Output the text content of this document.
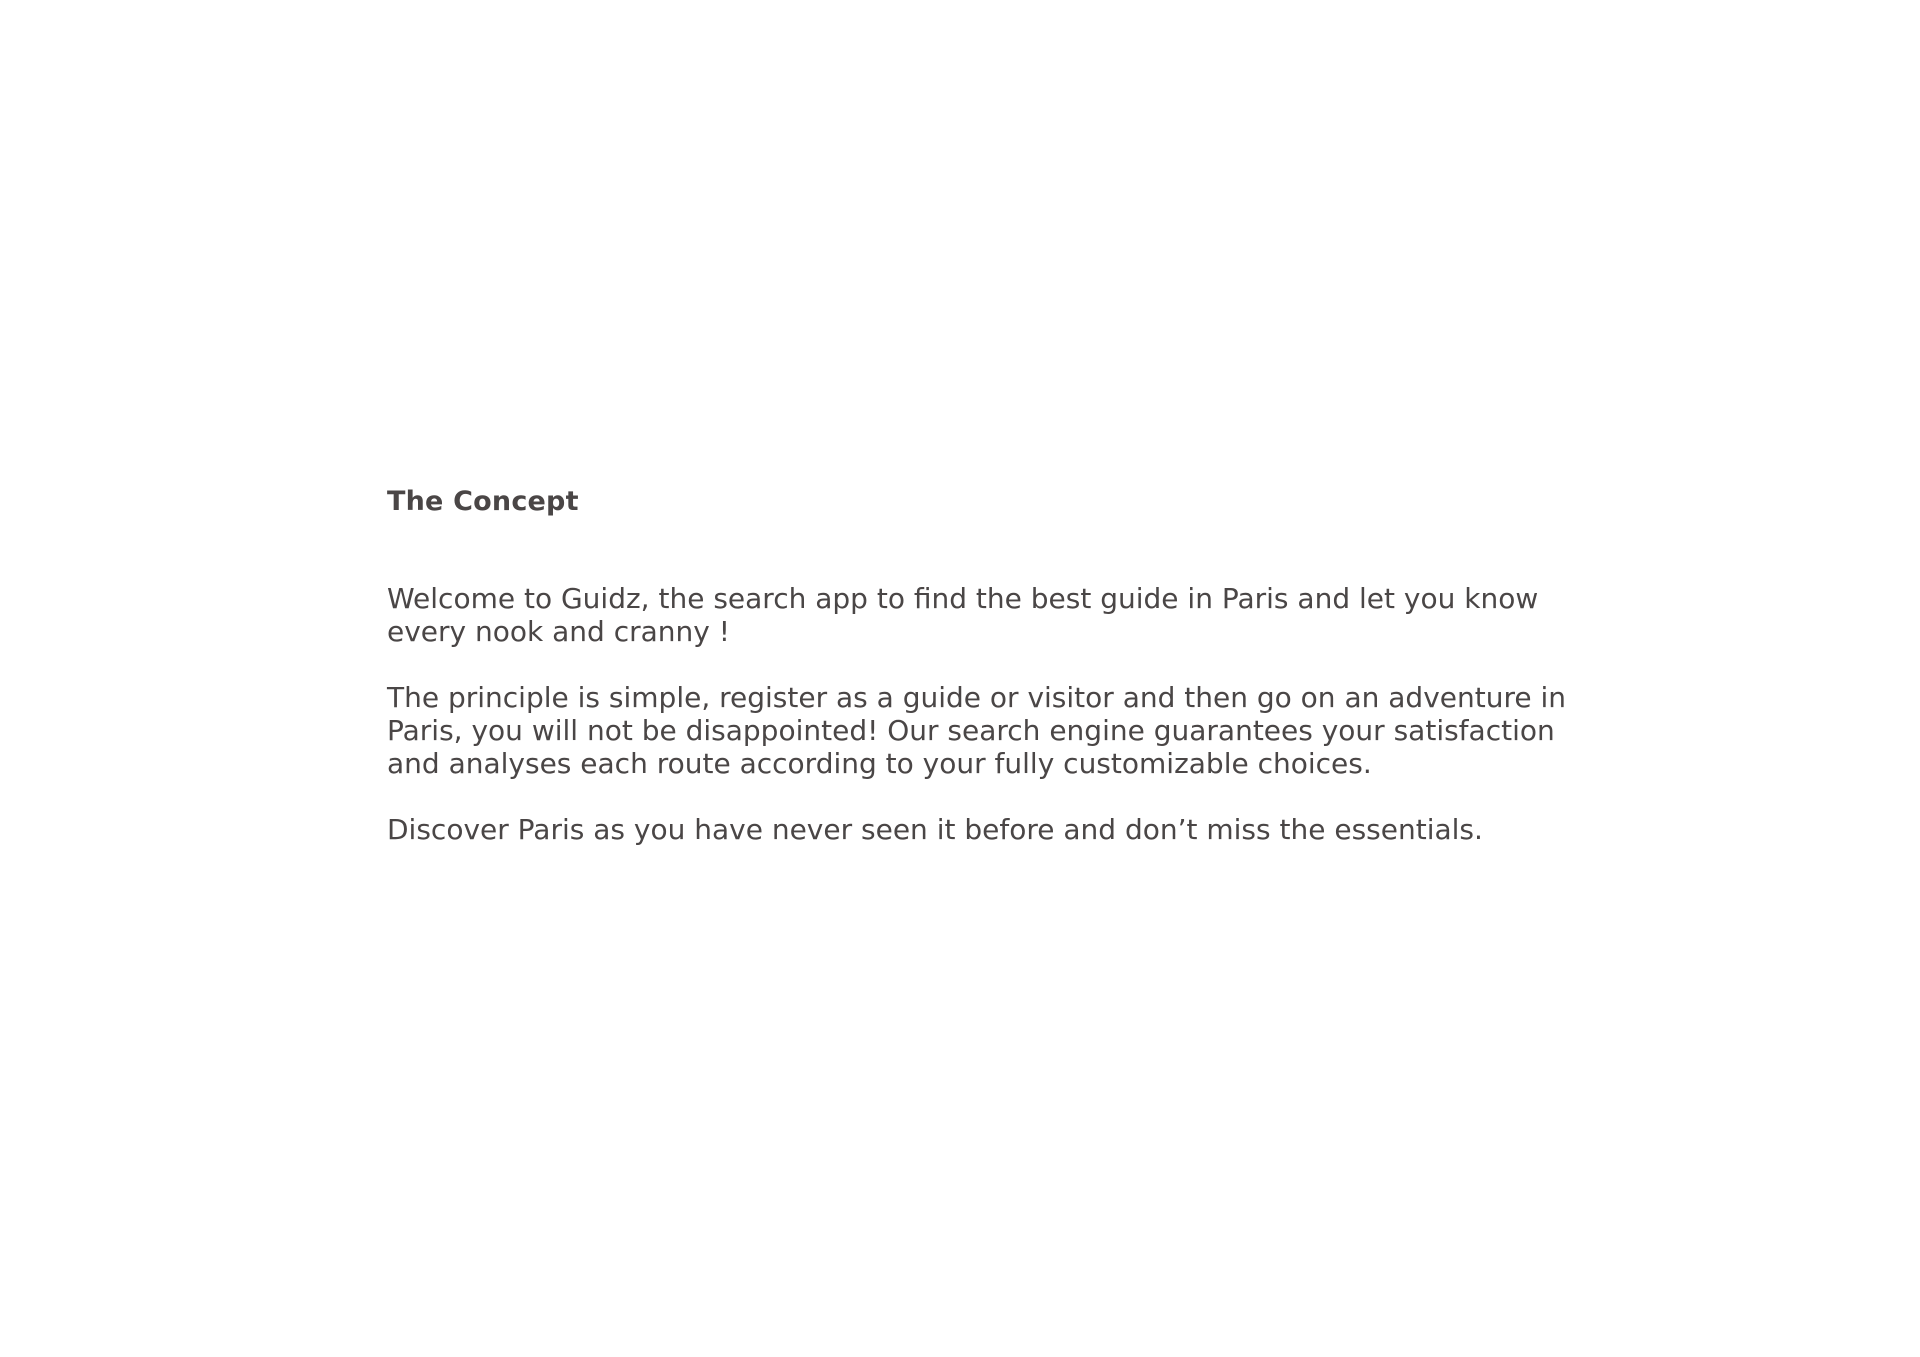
The Concept

Welcome to Guidz, the search app to find the best guide in Paris and let you know
every nook and cranny !

The principle is simple, register as a guide or visitor and then go on an adventure in
Paris, you will not be disappointed! Our search engine guarantees your satisfaction
and analyses each route according to your fully customizable choices.

Discover Paris as you have never seen it before and don’t miss the essentials.
